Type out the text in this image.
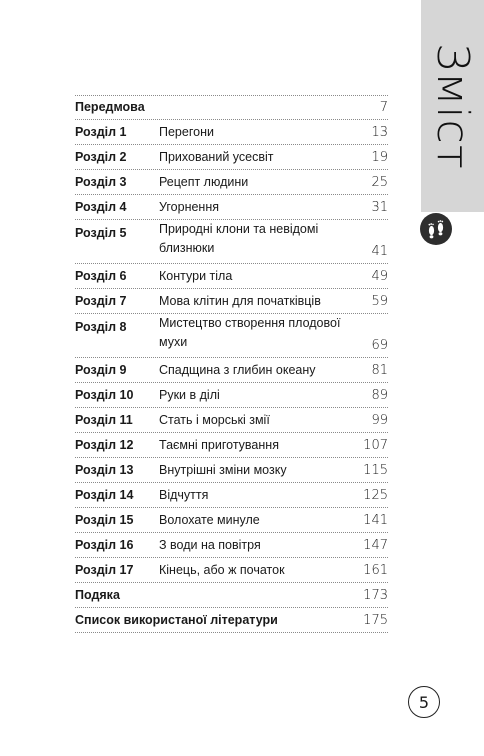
Зміст
Передмова	7
Розділ 1	Перегони	13
Розділ 2	Прихований усесвіт	19
Розділ 3	Рецепт людини	25
Розділ 4	Угорнення	31
Розділ 5	Природні клони та невідомі близнюки	41
Розділ 6	Контури тіла	49
Розділ 7	Мова клітин для початківців	59
Розділ 8	Мистецтво створення плодової мухи	69
Розділ 9	Спадщина з глибин океану	81
Розділ 10	Руки в ділі	89
Розділ 11	Стать і морські змії	99
Розділ 12	Таємні приготування	107
Розділ 13	Внутрішні зміни мозку	115
Розділ 14	Відчуття	125
Розділ 15	Волохате минуле	141
Розділ 16	З води на повітря	147
Розділ 17	Кінець, або ж початок	161
Подяка	173
Список використаної літератури	175
5
